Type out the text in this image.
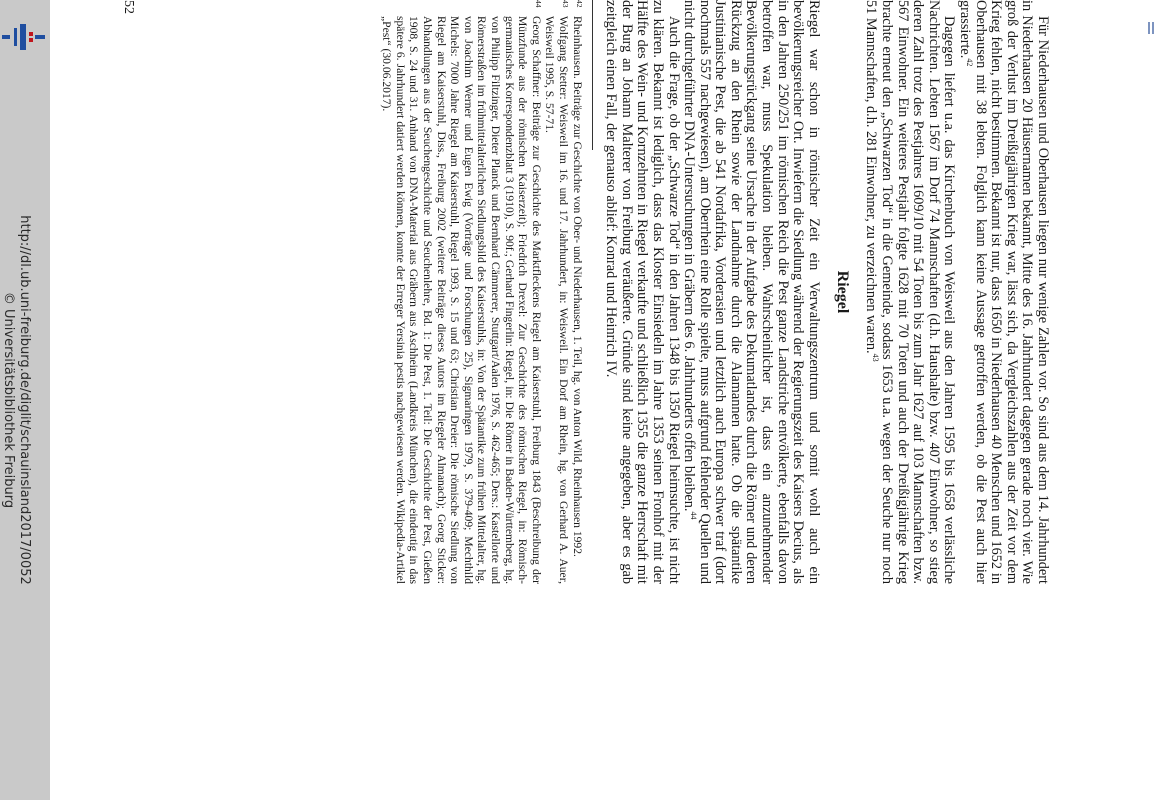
http://dl.ub.uni-freiburg.de/diglit/schauinsland2017/0052

© Universitätsbibliothek Freiburg	Für Niederhausen und Oberhausen liegen nur wenige Zahlen vor. So sind aus dem 14. Jahrhundert in Niederhausen 20 Häusernamen bekannt, Mitte des 16. Jahrhundert dagegen gerade noch vier. Wie groß der Verlust im Dreißigjährigen Krieg war, lässt sich, da Vergleichszahlen aus der Zeit vor dem Krieg fehlen, nicht bestimmen. Bekannt ist nur, dass 1650 in Niederhausen 40 Menschen und 1652 in Oberhausen mit 38 lebten. Folglich kann keine Aussage getroffen werden, ob die Pest auch hier grassierte.$^{42}$

Dagegen liefert u.a. das Kirchenbuch von Weisweil aus den Jahren 1595 bis 1658 verlässliche Nachrichten. Lebten 1567 im Dorf 74 Mannschaften (d.h. Haushalte) bzw. 407 Einwohner, so stieg deren Zahl trotz des Pestjahres 1609/10 mit 54 Toten bis zum Jahr 1627 auf 103 Mannschaften bzw. 567 Einwohner. Ein weiteres Pestjahr folgte 1628 mit 70 Toten und auch der Dreißigjährige Krieg brachte erneut den „Schwarzen Tod“ in die Gemeinde, sodass 1653 u.a. wegen der Seuche nur noch 51 Mannschaften, d.h. 281 Einwohner, zu verzeichnen waren.$^{43}$

Riegel

Riegel war schon in römischer Zeit ein Verwaltungszentrum und somit wohl auch ein bevölkerungsreicher Ort. Inwiefern die Siedlung während der Regierungszeit des Kaisers Decius, als in den Jahren 250/251 im römischen Reich die Pest ganze Landstriche entvölkerte, ebenfalls davon betroffen war, muss Spekulation bleiben. Wahrscheinlicher ist, dass ein anzunehmender Bevölkerungsrückgang seine Ursache in der Aufgabe des Dekumatlandes durch die Römer und deren Rückzug an den Rhein sowie der Landnahme durch die Alamannen hatte. Ob die spätantike Justinianische Pest, die ab 541 Nordafrika, Vorderasien und letztlich auch Europa schwer traf (dort nochmals 557 nachgewiesen), am Oberrhein eine Rolle spielte, muss aufgrund fehlender Quellen und nicht durchgeführter DNA-Untersuchungen in Gräbern des 6. Jahrhunderts offen bleiben.$^{44}$

Auch die Frage, ob der „Schwarze Tod“ in den Jahren 1348 bis 1350 Riegel heimsuchte, ist nicht zu klären. Bekannt ist lediglich, dass das Kloster Einsiedeln im Jahre 1353 seinen Fronhof mit der Hälfte des Wein- und Kornzehnten in Riegel verkaufte und schließlich 1355 die ganze Herrschaft mit der Burg an Johann Malterer von Freiburg veräußerte. Gründe sind keine angegeben, aber es gab zeitgleich einen Fall, der genauso ablief: Konrad und Heinrich IV.

42
Rheinhausen. Beiträge zur Geschichte von Ober- und Niederhausen, 1. Teil, hg. von Anton Wild, Rheinhausen 1992.
43
Wolfgang Stetter: Weisweil im 16. und 17. Jahrhundert, in: Weisweil. Ein Dorf am Rhein, hg. von Gerhard A. Auer, Weisweil 1995, S. 57-71.
44
Georg Schaffner: Beiträge zur Geschichte des Marktfleckens Riegel am Kaiserstuhl, Freiburg 1843 (Beschreibung der Münzfunde aus der römischen Kaiserzeit); Friedrich Drexel: Zur Geschichte des römischen Riegel, in: Römisch-germanisches Korrespondenzblatt 3 (1910), S. 90f.; Gerhard Fingerlin: Riegel, in: Die Römer in Baden-Württemberg, hg. von Philipp Filtzinger, Dieter Planck und Bernhard Cämmerer, Stuttgart/Aalen 1976, S. 462-465; Ders.: Kastellorte und Römerstraßen im frühmittelalterlichen Siedlungsbild des Kaiserstuhls, in: Von der Spätantike zum frühen Mittelalter, hg. von Joachim Werner und Eugen Ewig (Vorträge und Forschungen 25), Sigmaringen 1979, S. 379-409; Mechthild Michels: 7000 Jahre Riegel am Kaiserstuhl, Riegel 1993, S. 15 und 63; Christian Dreier: Die römische Siedlung von Riegel am Kaiserstuhl, Diss., Freiburg 2002 (weitere Beiträge dieses Autors im Riegeler Almanach); Georg Sticker: Abhandlungen aus der Seuchengeschichte und Seuchenlehre, Bd. 1: Die Pest, 1. Teil: Die Geschichte der Pest, Gießen 1908, S. 24 und 31. Anhand von DNA-Material aus Gräbern aus Aschheim (Landkreis München), die eindeutig in das spätere 6. Jahrhundert datiert werden können, konnte der Erreger Yersinia pestis nachgewiesen werden. Wikipedia-Artikel „Pest“ (30.06.2017).

52
